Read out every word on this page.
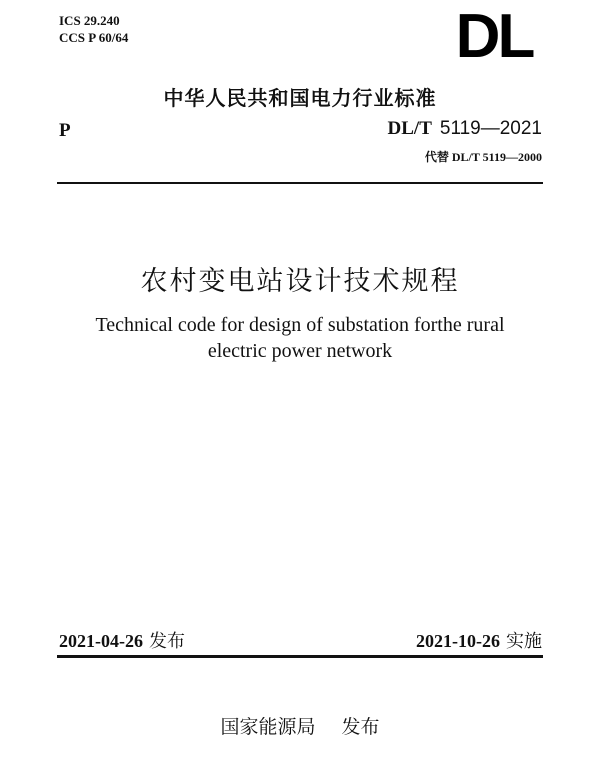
ICS 29.240
CCS P 60/64	DL
中华人民共和国电力行业标准
P	DL/T 5119—2021
代替 DL/T 5119—2000
农村变电站设计技术规程
Technical code for design of substation forthe rural
electric power network
2021-04-26 发布	2021-10-26 实施
国家能源局 发布
